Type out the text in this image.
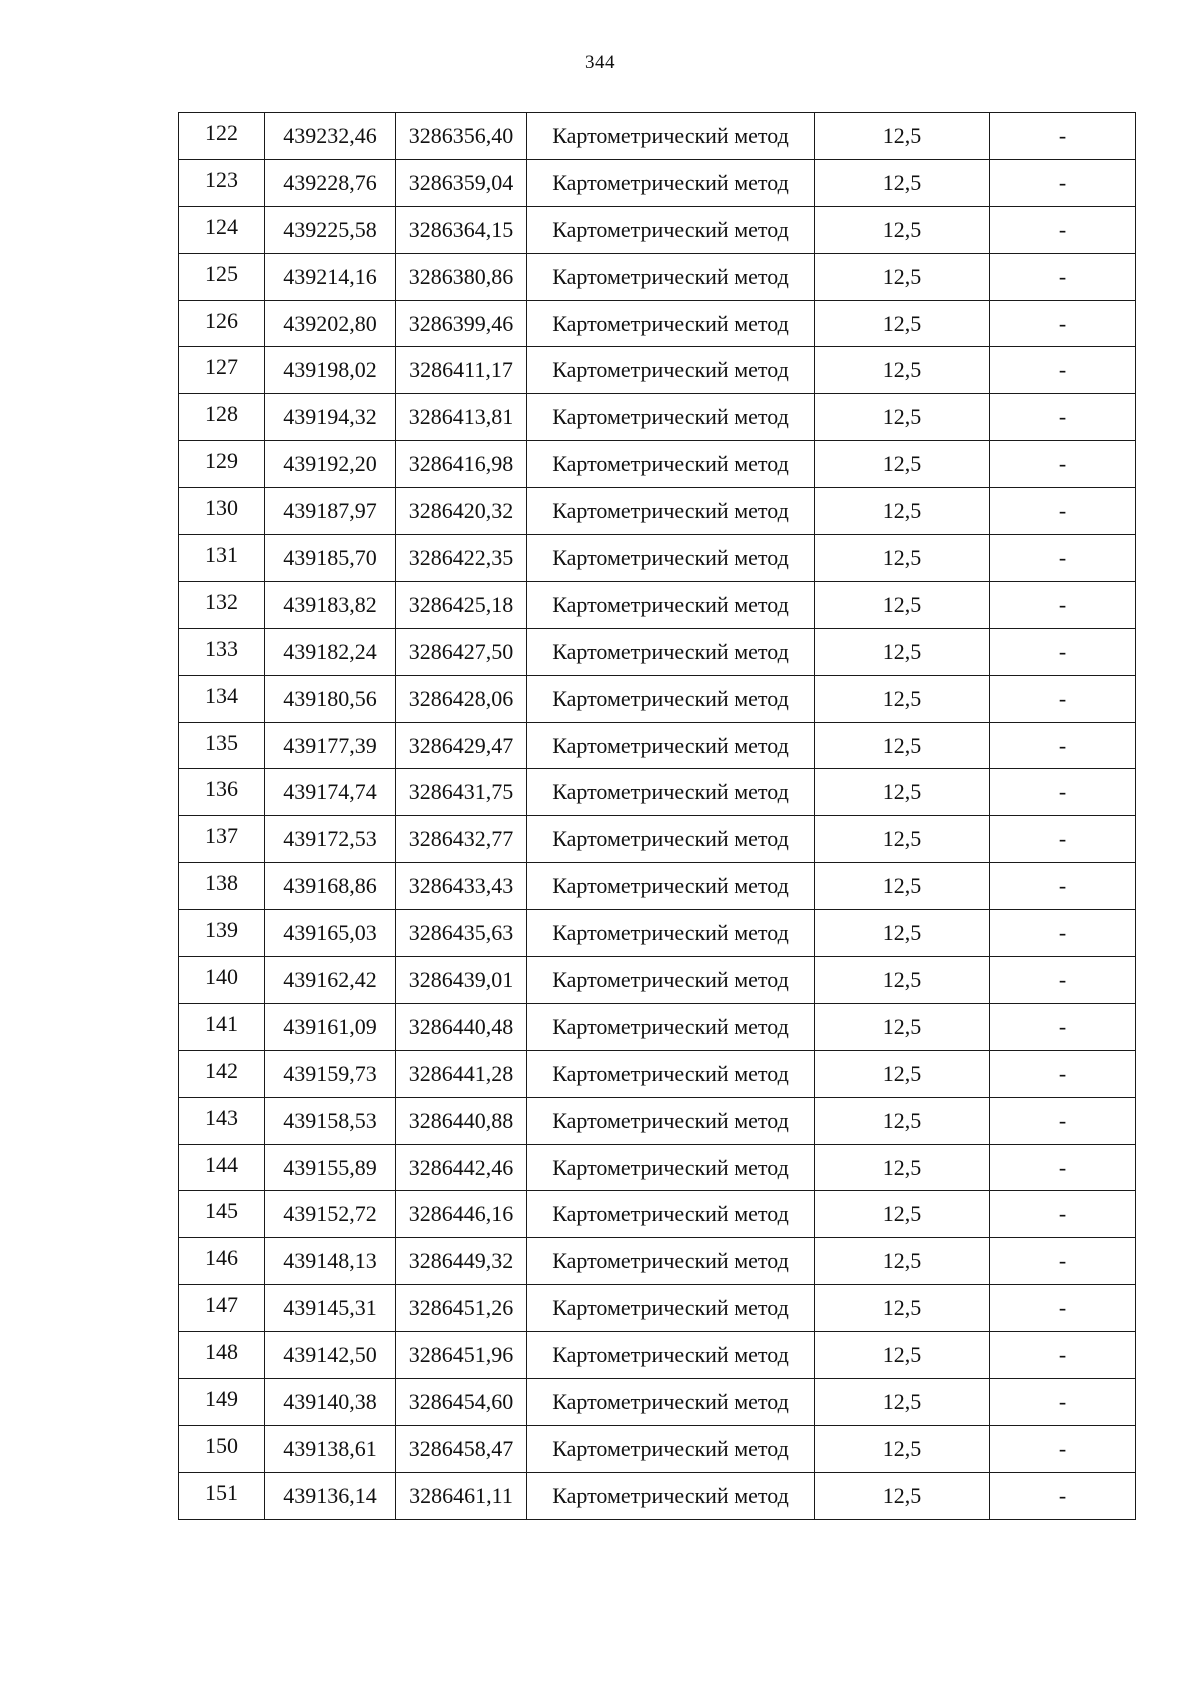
344
122	439232,46	3286356,40	Картометрический метод	12,5	-
123	439228,76	3286359,04	Картометрический метод	12,5	-
124	439225,58	3286364,15	Картометрический метод	12,5	-
125	439214,16	3286380,86	Картометрический метод	12,5	-
126	439202,80	3286399,46	Картометрический метод	12,5	-
127	439198,02	3286411,17	Картометрический метод	12,5	-
128	439194,32	3286413,81	Картометрический метод	12,5	-
129	439192,20	3286416,98	Картометрический метод	12,5	-
130	439187,97	3286420,32	Картометрический метод	12,5	-
131	439185,70	3286422,35	Картометрический метод	12,5	-
132	439183,82	3286425,18	Картометрический метод	12,5	-
133	439182,24	3286427,50	Картометрический метод	12,5	-
134	439180,56	3286428,06	Картометрический метод	12,5	-
135	439177,39	3286429,47	Картометрический метод	12,5	-
136	439174,74	3286431,75	Картометрический метод	12,5	-
137	439172,53	3286432,77	Картометрический метод	12,5	-
138	439168,86	3286433,43	Картометрический метод	12,5	-
139	439165,03	3286435,63	Картометрический метод	12,5	-
140	439162,42	3286439,01	Картометрический метод	12,5	-
141	439161,09	3286440,48	Картометрический метод	12,5	-
142	439159,73	3286441,28	Картометрический метод	12,5	-
143	439158,53	3286440,88	Картометрический метод	12,5	-
144	439155,89	3286442,46	Картометрический метод	12,5	-
145	439152,72	3286446,16	Картометрический метод	12,5	-
146	439148,13	3286449,32	Картометрический метод	12,5	-
147	439145,31	3286451,26	Картометрический метод	12,5	-
148	439142,50	3286451,96	Картометрический метод	12,5	-
149	439140,38	3286454,60	Картометрический метод	12,5	-
150	439138,61	3286458,47	Картометрический метод	12,5	-
151	439136,14	3286461,11	Картометрический метод	12,5	-
